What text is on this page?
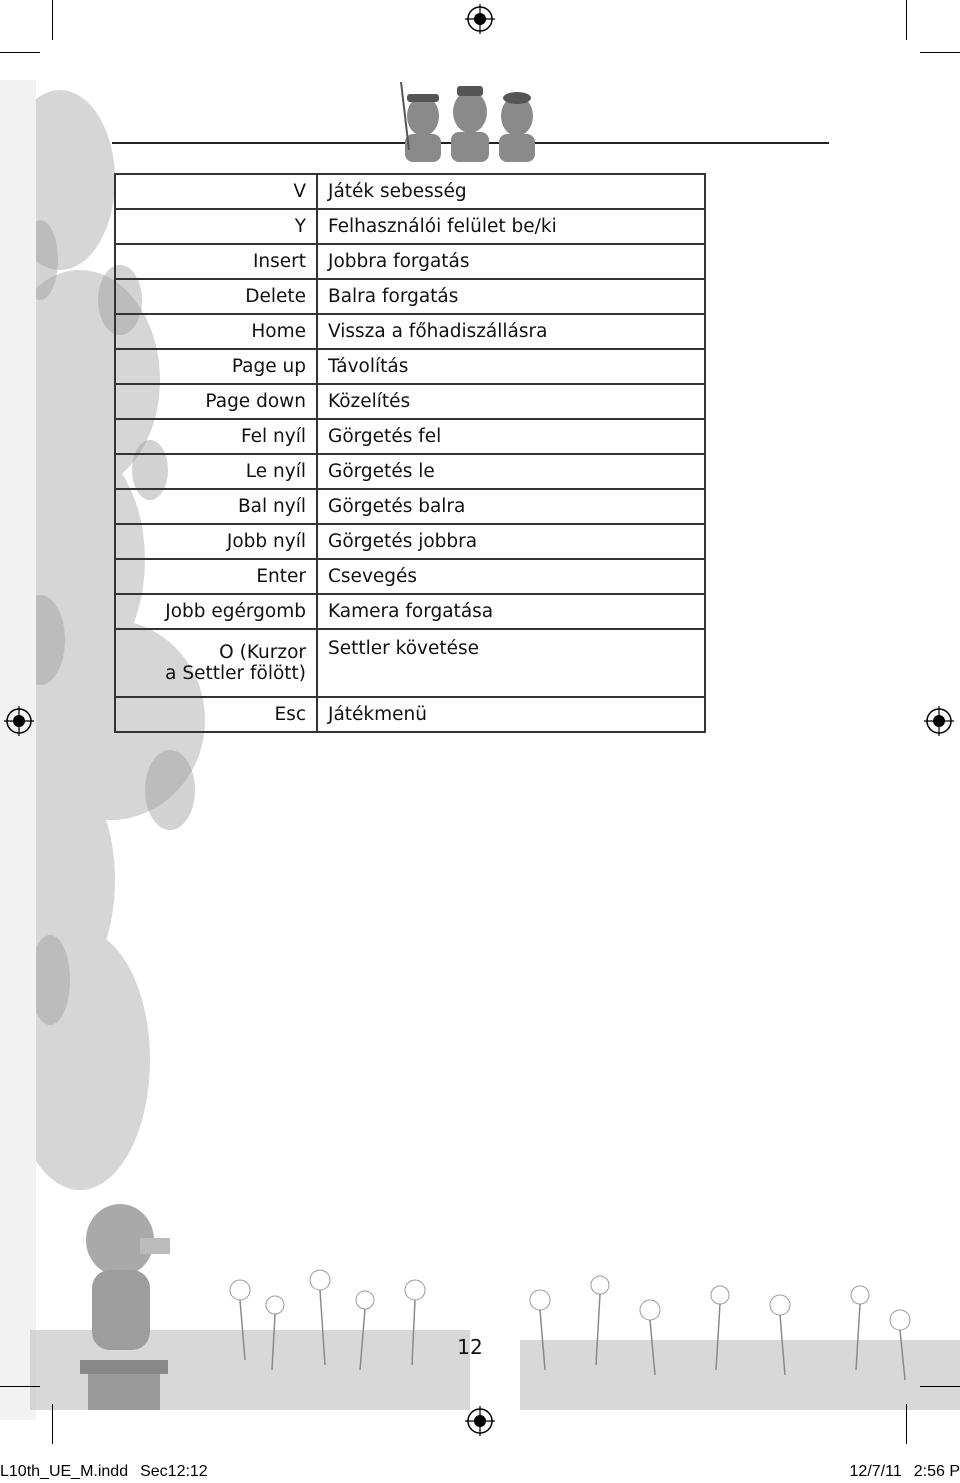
V	Játék sebesség
Y	Felhasználói felület be/ki
Insert	Jobbra forgatás
Delete	Balra forgatás
Home	Vissza a főhadiszállásra
Page up	Távolítás
Page down	Közelítés
Fel nyíl	Görgetés fel
Le nyíl	Görgetés le
Bal nyíl	Görgetés balra
Jobb nyíl	Görgetés jobbra
Enter	Csevegés
Jobb egérgomb	Kamera forgatása
O (Kurzor
a Settler fölött)	Settler követése
Esc	Játékmenü
12
L10th_UE_M.indd Sec12:12	12/7/11 2:56 P
